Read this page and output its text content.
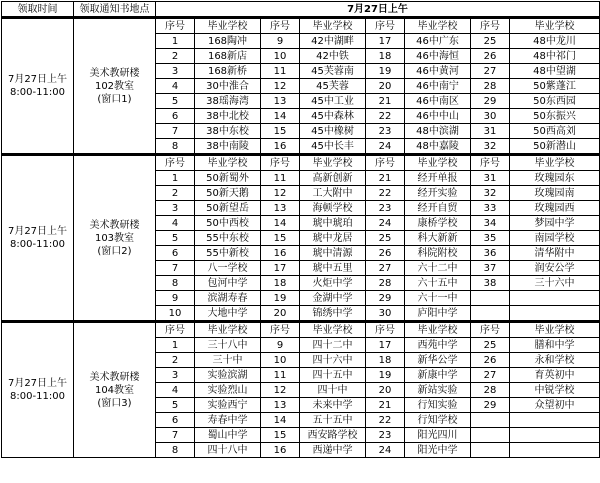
领取时间	领取通知书地点	7月27日上午							

7月27日上午
8:00-11:00	美术教研楼
102教室
(窗口1)	序号	毕业学校	序号	毕业学校	序号	毕业学校	序号	毕业学校
		1	168陶冲	9	42中湖畔	17	46中广东	25	48中龙川
		2	168新店	10	42中铁	18	46中海恒	26	48中祁门
		3	168新桥	11	45芙蓉南	19	46中黄河	27	48中望湖
		4	30中淮合	12	45芙蓉	20	46中南宁	28	50紫蓬江
		5	38瑶海湾	13	45中工业	21	46中南区	29	50东西园
		6	38中北校	14	45中森林	22	46中中山	30	50东振兴
		7	38中东校	15	45中橡树	23	48中滨湖	31	50西高刘
		8	38中南陵	16	45中长丰	24	48中嘉陵	32	50新潜山

7月27日上午
8:00-11:00	美术教研楼
103教室
(窗口2)	序号	毕业学校	序号	毕业学校	序号	毕业学校	序号	毕业学校
		1	50新蜀外	11	高新创新	21	经开单报	31	玫瑰园东
		2	50新天鹅	12	工大附中	22	经开实验	32	玫瑰园南
		3	50新望岳	13	海顿学校	23	经开自贸	33	玫瑰园西
		4	50中西校	14	琥中琥珀	24	康桥学校	34	梦园中学
		5	55中东校	15	琥中龙居	25	科大新新	35	南园学校
		6	55中新校	16	琥中清源	26	科院附校	36	清华附中
		7	八一学校	17	琥中五里	27	六十二中	37	润安公学
		8	包河中学	18	火炬中学	28	六十五中	38	三十六中
		9	滨湖寿春	19	金湖中学	29	六十一中		
		10	大地中学	20	锦绣中学	30	庐阳中学		

7月27日上午
8:00-11:00	美术教研楼
104教室
(窗口3)	序号	毕业学校	序号	毕业学校	序号	毕业学校	序号	毕业学校
		1	三十八中	9	四十二中	17	西苑中学	25	膳和中学
		2	三十中	10	四十六中	18	新华公学	26	永和学校
		3	实验滨湖	11	四十五中	19	新康中学	27	育英初中
		4	实验烈山	12	四十中	20	新站实验	28	中锐学校
		5	实验西宁	13	未来中学	21	行知实验	29	众望初中
		6	寿春中学	14	五十五中	22	行知学校		
		7	蜀山中学	15	西安路学校	23	阳光四川		
		8	四十八中	16	西递中学	24	阳光中学		
